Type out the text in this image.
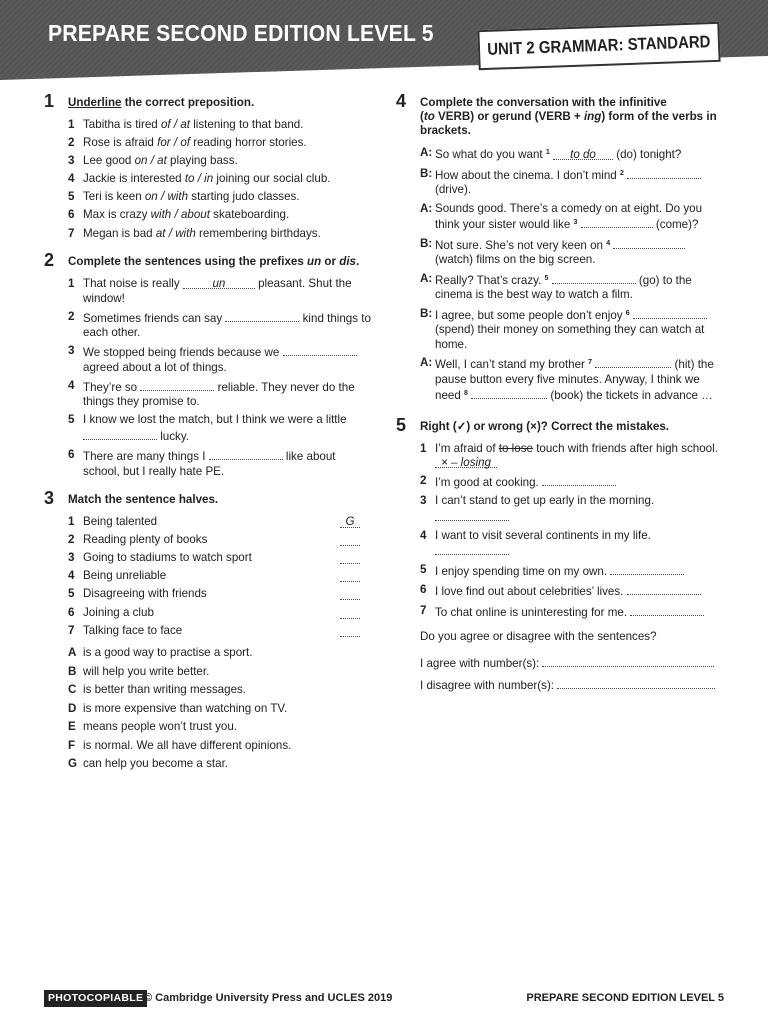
PREPARE SECOND EDITION LEVEL 5	UNIT 2 GRAMMAR: STANDARD
1 Underline the correct preposition.
1 Tabitha is tired of / at listening to that band.
2 Rose is afraid for / of reading horror stories.
3 Lee good on / at playing bass.
4 Jackie is interested to / in joining our social club.
5 Teri is keen on / with starting judo classes.
6 Max is crazy with / about skateboarding.
7 Megan is bad at / with remembering birthdays.
2 Complete the sentences using the prefixes un or dis.
1 That noise is really	un	pleasant. Shut the window!
2 Sometimes friends can say	kind things to each other.
3 We stopped being friends because we  agreed about a lot of things.
4 They’re so	reliable. They never do the things they promise to.
5 I know we lost the match, but I think we were a little  lucky.
6 There are many things I	like about school, but I really hate PE.
3 Match the sentence halves.
1 Being talented	G
2 Reading plenty of books
3 Going to stadiums to watch sport
4 Being unreliable
5 Disagreeing with friends
6 Joining a club
7 Talking face to face
A is a good way to practise a sport.
B will help you write better.
C is better than writing messages.
D is more expensive than watching on TV.
E means people won’t trust you.
F is normal. We all have different opinions.
G can help you become a star.
4 Complete the conversation with the infinitive
(to VERB) or gerund (VERB + ing) form of the verbs in
brackets.
A: So what do you want $^1$ to do (do) tonight?
B: How about the cinema. I don’t mind $^2$  (drive).
A: Sounds good. There’s a comedy on at eight. Do you think your sister would like $^3$	(come)?
B: Not sure. She’s not very keen on $^4$  (watch) films on the big screen.
A: Really? That’s crazy. $^5$	(go) to the cinema is the best way to watch a film.
B: I agree, but some people don’t enjoy $^6$  (spend) their money on something they can watch at home.
A: Well, I can’t stand my brother $^7$	(hit) the pause button every five minutes. Anyway, I think we need $^8$	(book) the tickets in advance …
5 Right (✓) or wrong (×)? Correct the mistakes.
1 I’m afraid of to lose touch with friends after high school. × – losing
2 I’m good at cooking.
3 I can’t stand to get up early in the morning.

4 I want to visit several continents in my life.

5 I enjoy spending time on my own.
6 I love find out about celebrities’ lives.
7 To chat online is uninteresting for me.
Do you agree or disagree with the sentences?
I agree with number(s):
I disagree with number(s):
PHOTOCOPIABLE © Cambridge University Press and UCLES 2019	PREPARE SECOND EDITION LEVEL 5
